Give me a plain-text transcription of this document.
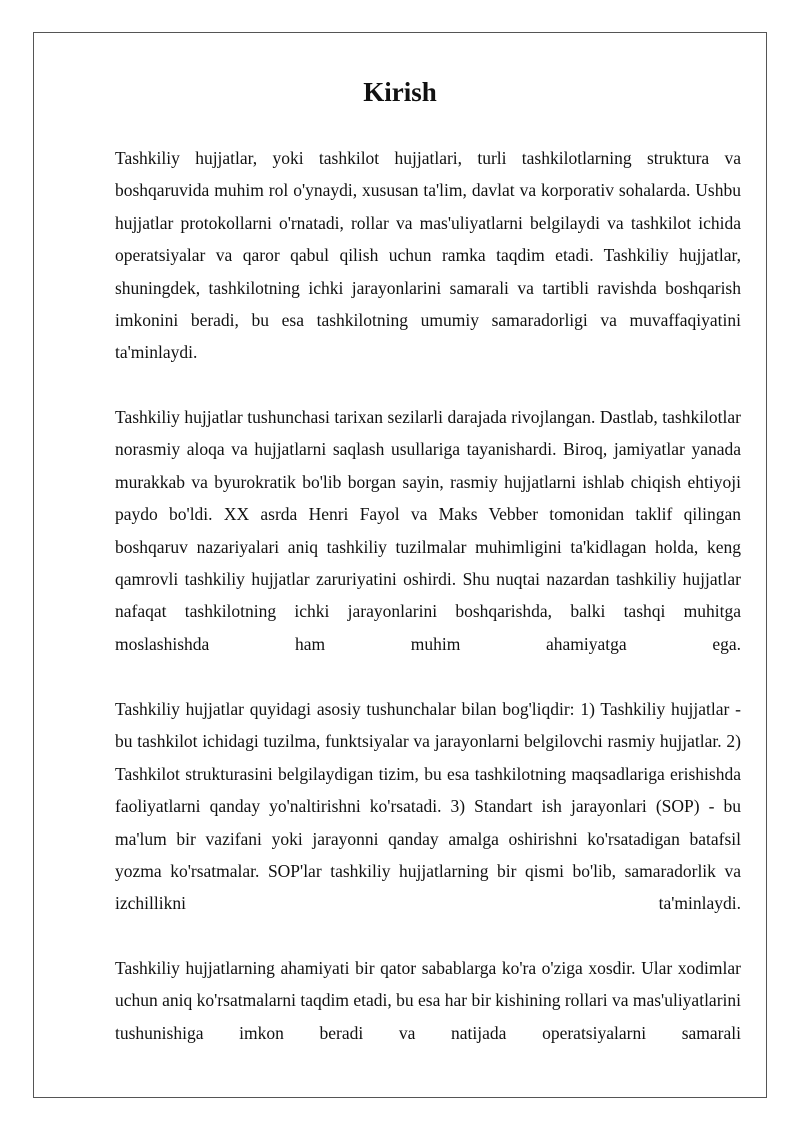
Kirish

Tashkiliy hujjatlar, yoki tashkilot hujjatlari, turli tashkilotlarning struktura va boshqaruvida muhim rol o'ynaydi, xususan ta'lim, davlat va korporativ sohalarda. Ushbu hujjatlar protokollarni o'rnatadi, rollar va mas'uliyatlarni belgilaydi va tashkilot ichida operatsiyalar va qaror qabul qilish uchun ramka taqdim etadi. Tashkiliy hujjatlar, shuningdek, tashkilotning ichki jarayonlarini samarali va tartibli ravishda boshqarish imkonini beradi, bu esa tashkilotning umumiy samaradorligi va muvaffaqiyatini ta'minlaydi.

Tashkiliy hujjatlar tushunchasi tarixan sezilarli darajada rivojlangan. Dastlab, tashkilotlar norasmiy aloqa va hujjatlarni saqlash usullariga tayanishardi. Biroq, jamiyatlar yanada murakkab va byurokratik bo'lib borgan sayin, rasmiy hujjatlarni ishlab chiqish ehtiyoji paydo bo'ldi. XX asrda Henri Fayol va Maks Vebber tomonidan taklif qilingan boshqaruv nazariyalari aniq tashkiliy tuzilmalar muhimligini ta'kidlagan holda, keng qamrovli tashkiliy hujjatlar zaruriyatini oshirdi. Shu nuqtai nazardan tashkiliy hujjatlar nafaqat tashkilotning ichki jarayonlarini boshqarishda, balki tashqi muhitga moslashishda ham muhim ahamiyatga ega.

Tashkiliy hujjatlar quyidagi asosiy tushunchalar bilan bog'liqdir: 1) Tashkiliy hujjatlar - bu tashkilot ichidagi tuzilma, funktsiyalar va jarayonlarni belgilovchi rasmiy hujjatlar. 2) Tashkilot strukturasini belgilaydigan tizim, bu esa tashkilotning maqsadlariga erishishda faoliyatlarni qanday yo'naltirishni ko'rsatadi. 3) Standart ish jarayonlari (SOP) - bu ma'lum bir vazifani yoki jarayonni qanday amalga oshirishni ko'rsatadigan batafsil yozma ko'rsatmalar. SOP'lar tashkiliy hujjatlarning bir qismi bo'lib, samaradorlik va izchillikni ta'minlaydi.

Tashkiliy hujjatlarning ahamiyati bir qator sabablarga ko'ra o'ziga xosdir. Ular xodimlar uchun aniq ko'rsatmalarni taqdim etadi, bu esa har bir kishining rollari va mas'uliyatlarini tushunishiga imkon beradi va natijada operatsiyalarni samarali
